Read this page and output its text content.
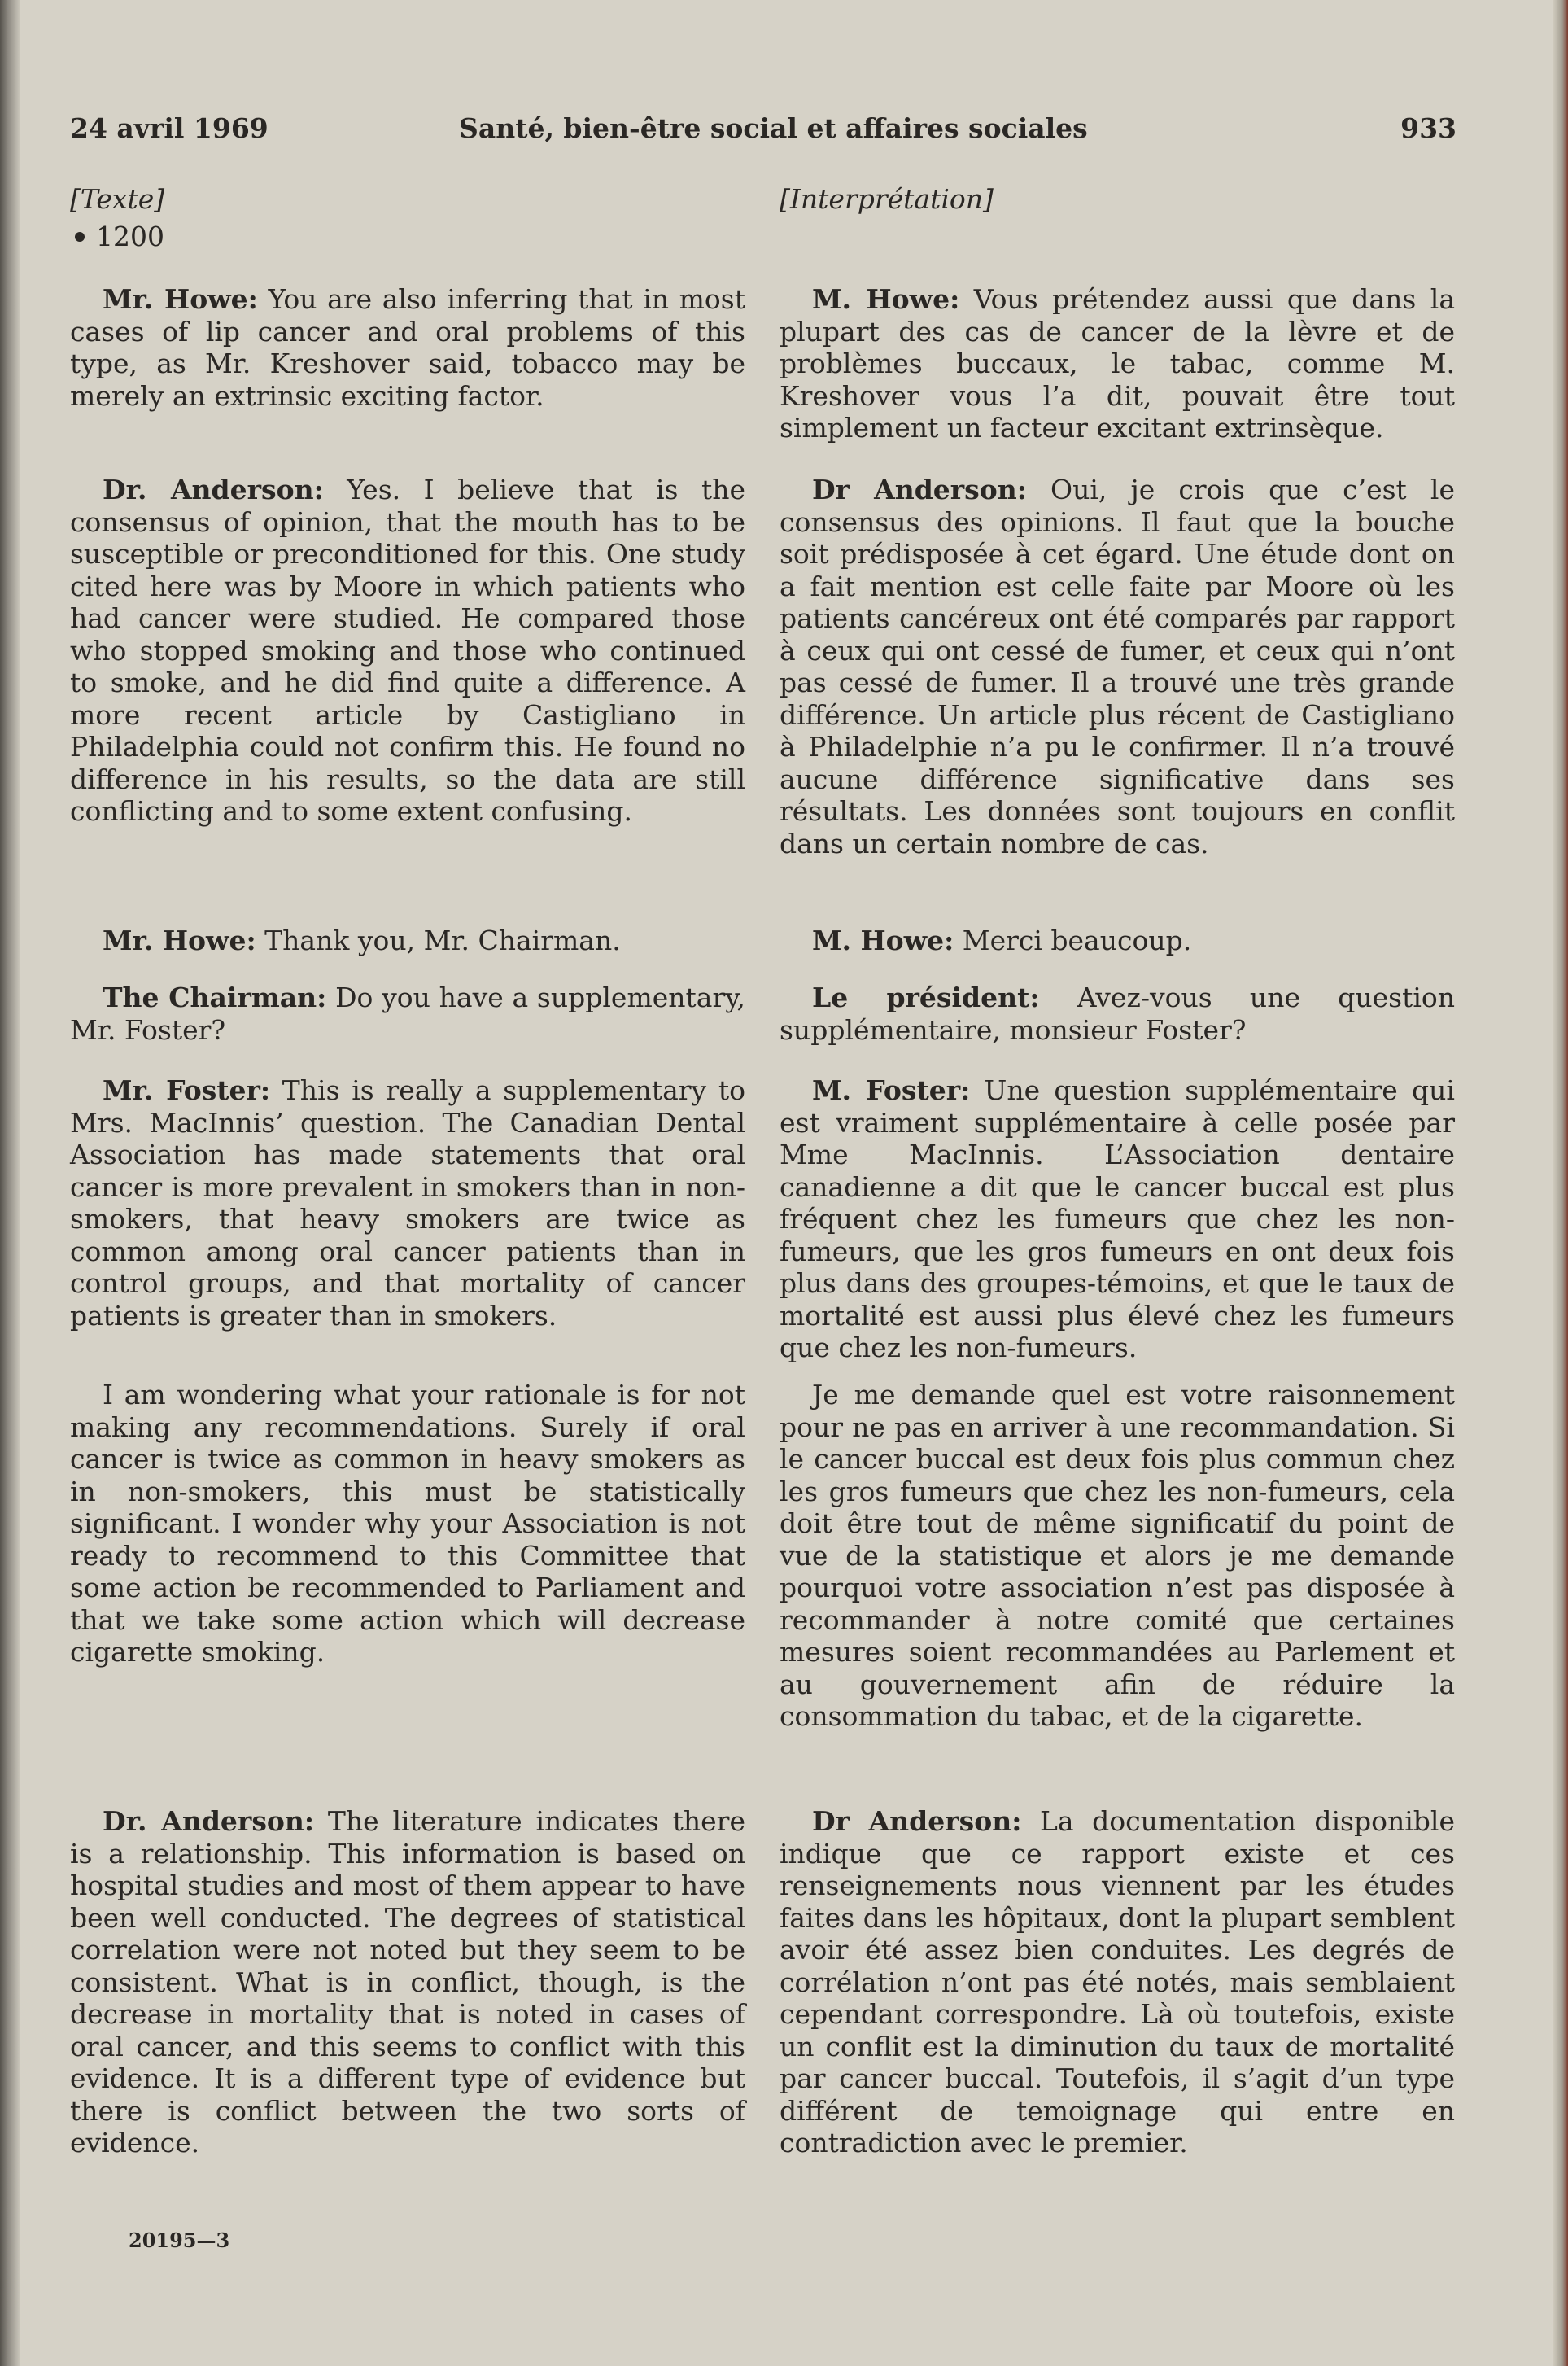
24 avril 1969	Santé, bien-être social et affaires sociales	933
[Texte]
1200

Mr. Howe: You are also inferring that in most cases of lip cancer and oral problems of this type, as Mr. Kreshover said, tobacco may be merely an extrinsic exciting factor.

Dr. Anderson: Yes. I believe that is the consensus of opinion, that the mouth has to be susceptible or preconditioned for this. One study cited here was by Moore in which patients who had cancer were studied. He compared those who stopped smoking and those who continued to smoke, and he did find quite a difference. A more recent article by Castigliano in Philadelphia could not confirm this. He found no difference in his results, so the data are still conflicting and to some extent confusing.

Mr. Howe: Thank you, Mr. Chairman.

The Chairman: Do you have a supplementary, Mr. Foster?

Mr. Foster: This is really a supplementary to Mrs. MacInnis’ question. The Canadian Dental Association has made statements that oral cancer is more prevalent in smokers than in non-smokers, that heavy smokers are twice as common among oral cancer patients than in control groups, and that mortality of cancer patients is greater than in smokers.

I am wondering what your rationale is for not making any recommendations. Surely if oral cancer is twice as common in heavy smokers as in non-smokers, this must be statistically significant. I wonder why your Association is not ready to recommend to this Committee that some action be recommended to Parliament and that we take some action which will decrease cigarette smoking.

Dr. Anderson: The literature indicates there is a relationship. This information is based on hospital studies and most of them appear to have been well conducted. The degrees of statistical correlation were not noted but they seem to be consistent. What is in conflict, though, is the decrease in mortality that is noted in cases of oral cancer, and this seems to conflict with this evidence. It is a different type of evidence but there is conflict between the two sorts of evidence.

[Interprétation]

M. Howe: Vous prétendez aussi que dans la plupart des cas de cancer de la lèvre et de problèmes buccaux, le tabac, comme M. Kreshover vous l’a dit, pouvait être tout simplement un facteur excitant extrinsèque.

Dr Anderson: Oui, je crois que c’est le consensus des opinions. Il faut que la bouche soit prédisposée à cet égard. Une étude dont on a fait mention est celle faite par Moore où les patients cancéreux ont été comparés par rapport à ceux qui ont cessé de fumer, et ceux qui n’ont pas cessé de fumer. Il a trouvé une très grande différence. Un article plus récent de Castigliano à Philadelphie n’a pu le confirmer. Il n’a trouvé aucune différence significative dans ses résultats. Les données sont toujours en conflit dans un certain nombre de cas.

M. Howe: Merci beaucoup.

Le président: Avez-vous une question supplémentaire, monsieur Foster?

M. Foster: Une question supplémentaire qui est vraiment supplémentaire à celle posée par Mme MacInnis. L’Association dentaire canadienne a dit que le cancer buccal est plus fréquent chez les fumeurs que chez les non-fumeurs, que les gros fumeurs en ont deux fois plus dans des groupes-témoins, et que le taux de mortalité est aussi plus élevé chez les fumeurs que chez les non-fumeurs.

Je me demande quel est votre raisonnement pour ne pas en arriver à une recommandation. Si le cancer buccal est deux fois plus commun chez les gros fumeurs que chez les non-fumeurs, cela doit être tout de même significatif du point de vue de la statistique et alors je me demande pourquoi votre association n’est pas disposée à recommander à notre comité que certaines mesures soient recommandées au Parlement et au gouvernement afin de réduire la consommation du tabac, et de la cigarette.

Dr Anderson: La documentation disponible indique que ce rapport existe et ces renseignements nous viennent par les études faites dans les hôpitaux, dont la plupart semblent avoir été assez bien conduites. Les degrés de corrélation n’ont pas été notés, mais semblaient cependant correspondre. Là où toutefois, existe un conflit est la diminution du taux de mortalité par cancer buccal. Toutefois, il s’agit d’un type différent de temoignage qui entre en contradiction avec le premier.

20195—3
